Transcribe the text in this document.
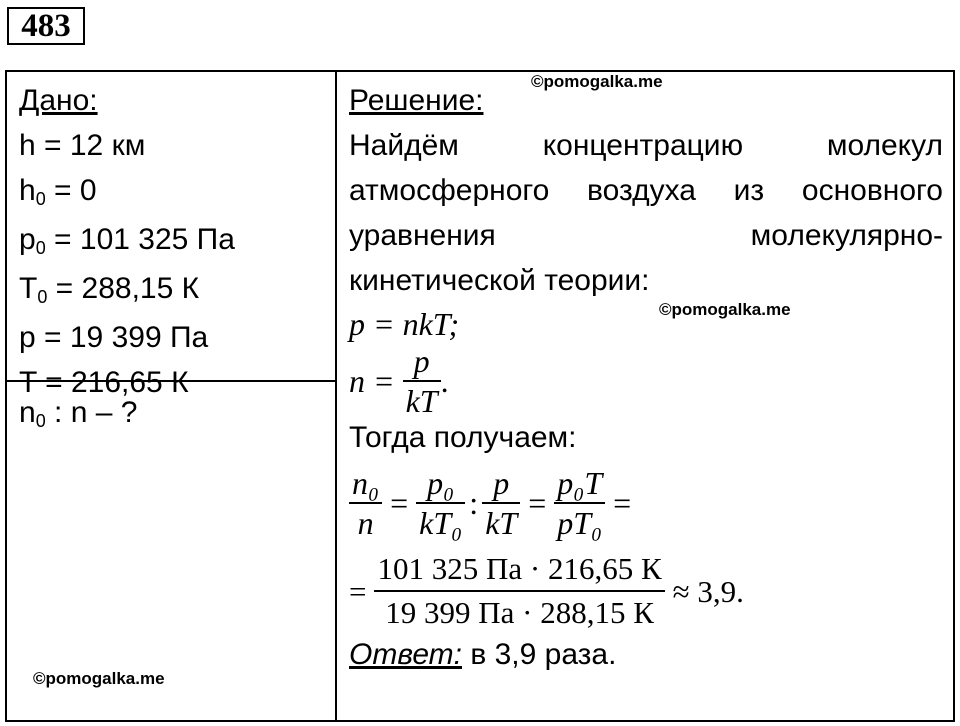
483
Дано:
h = 12 км
h0 = 0
p0 = 101 325 Па
T0 = 288,15 К
p = 19 399 Па
T = 216,65 К
n0 : n – ?
Решение:
Найдём концентрацию молекул
атмосферного воздуха из основного
уравнения молекулярно-
кинетической теории:
p = nkT;
n =
$\frac{p}{kT}$ .
Тогда получаем:
$\frac{\text{n₀}}{n} = \frac{\text{p₀}}{\text{kT₀}}$ : $\frac{p}{kT} = \frac{\text{p₀T}}{\text{pT₀}}$ =
= $\frac{101 325 Па \cdot 216,65 К}{19 399 Па \cdot 288,15 К} \approx 3,9$.
Ответ: в 3,9 раза.
©pomogalka.me
©pomogalka.me
©pomogalka.me
